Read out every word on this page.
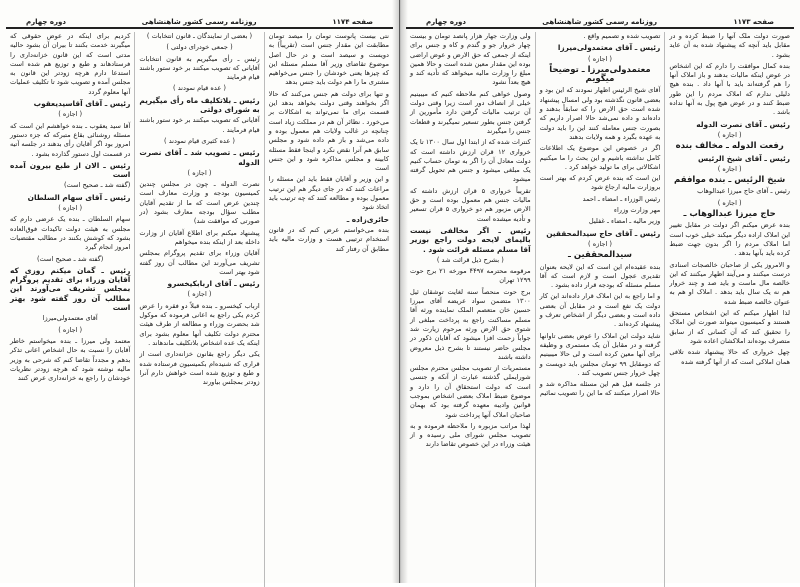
دوره چهارم	روزنامه رسمی کشور شاهنشاهی	صفحه ۱۱۷۴

نتی بیست پانوست تومان را میصد تومان مطابقت این مقدار جنس است (تقریباً) به دویست و سیصد است و در حال اصل موضوع تقاضای وزیر آقا مسلم مسئله این که چیزها یعنی خودشان را جنس می‌خواهیم مشتری ما را هم دولت باید جنس بدهد

و تنها برای دولت هم جنس می‌کنند که حالا اگر بخواهند وقتی دولت بخواهد بدهد این قسمت برای ما نمی‌تواند به اشکالات بر می‌خورد . نظائر آن هم در مملکت زیاد است چنانچه در غالب ولایات هم معمول بوده و داده می‌شد و باز هم داده شود و مجلس سابق هم آنرا نقض نکرد و اینجا فقط مسئله کابینه و مجلس مذاکره شود و این جنس است

و این وزیر و آقایان فقط باید این مسئله را مراعات کنند که در جای دیگر هم این ترتیب معمول بوده و مطالعه کنند که چه ترتیب باید اتخاذ شود

حائری‌زاده ـ

بنده می‌خواستم عرض کنم که در قانون استخدام ترتیبی هست و وزارت مالیه باید مطابق آن رفتار کند

( بعضی از نمایندگان ـ قانون انتخابات )

( جمعی خودرای دولتی )

رئیس ـ رأی میگیریم به قانون انتخابات آقایانی که تصویب میکنند بر خود ستور باشند قیام فرمایند

( عده قیام نمودند )

رئیس ـ بلاتکلیف ماه رأی میگیریم به شورای دولتی

آقایانی که تصویب میکنند بر خود ستور باشند قیام فرمایند .

( عده کثیری قیام نمودند )

رئیس ـ تصویب شد ـ آقای نصرت الدوله

( اجازه )

نصرت الدوله ـ چون در مجلس چندین کمیسیون بودجه و وزارت معارف است چندین عرض است که ما از تقدیم آقایان مطلب سؤال بودجه معارف بشود (در صورتی که موافقت شد)

پیشنهاد میکنم برای اطلاع آقایان از وزارت داخله بعد از اینکه بنده میخواهم

آقایان وزراء برای تقدیم پروگرام بمجلس تشریف می‌آورند این مطالب آن روز گفته شود بهتر است

رئیس ـ آقای اربابکیخسرو

( اجازه )

ارباب کیخسرو ـ بنده قبلاً دو فقره را عرض کردم یکی راجع به اعانی فرموده که موکول شد بحضرت وزراء و مطالعه از طرف هیئت محترم دولت تکلیف آنها معلوم بشود برای اینکه یک عده اشخاص بلاتکلیف ماندهاند .

یکی دیگر راجع بقانون خزانه‌داری است از قراری که شنیده‌ام بکمیسیون فرستاده شده و طبع و توزیع شده است خواهش دارم آنرا زودتر بمجلس بیاورند

کردیم برای اینکه در عوض حقوقی که میگیرند خدمت بکنند تا بیران آن بشود حالیه مدتی است که این قانون خزانه‌داری را فرستادهاند و طبع و توزیع هم شده است استدعا دارم هرچه زودتر این قانون به مجلس آمده و تصویب شود تا تکلیف عملیات آنها معلوم گردد

رئیس ـ آقای آقاسیدیعقوب

( اجازه )

آقا سید یعقوب ـ بنده خواهشم این است که مسئله روشنائی بقاع متبرکه که جزء دستور امروز بود اگر آقایان رأی بدهند در جلسه آتیه در قسمت اول دستور گذارده بشود .

رئیس ـ الان از طبع بیرون آمده است

(گفته شد ـ صحیح است)

رئیس ـ آقای سهام السلطان

( اجازه )

سهام السلطان ـ بنده یک عرضی دارم که مجلس به هیئت دولت تاکیدات فوق‌العاده بشود که کوشش بکنند در مطالب مقتضیات امروز انجام گیرد

(گفته شد ـ صحیح است)

رئیس ـ گمان میکنم روزی که آقایان وزراء برای تقدیم پروگرام بمجلس تشریف می‌آورند این مطالب آن روز گفته شود بهتر است

آقای معتمدولی‌میرزا

( اجازه )

معتمد ولی میرزا ـ بنده میخواستم خاطر آقایان را نسبت به حال اشخاص اعانی تذکر بدهم و مجدداً تقاضا کنم که شرحی به وزیر مالیه نوشته شود که هرچه زودتر نظریات خودشان را راجع به خزانه‌داری عرض کنند

دوره چهارم	روزنامه رسمی کشور شاهنشاهی	صفحه ۱۱۷۳

صورت دولت ملک آنها را ضبط کرده و در مقابل باید آنچه که پیشنهاد شده به آن عاید بشود .

بنده کمال موافقت را دارم که این اشخاص در عوض اینکه مالیات بدهند و باز املاک آنها را هم گرفته‌اند باید با آنها داد . بنده هیچ دلیلی ندارم که املاک مردم را این طور ضبط کنند و در عوض هیچ پول به آنها نداده باشد .

رئیس ـ آقای نصرت الدوله

( اجازه )

رفعت الدوله ـ مخالف بنده

رئیس ـ آقای شیخ الرئیس

( اجازه )

شیخ الرئیس ـ بنده موافقم

رئیس ـ آقای حاج میرزا عبدالوهاب

( اجازه )

حاج میرزا عبدالوهاب ـ

بنده عرض میکنم اگر دولت در مقابل تغییر این املاک اراده دیگر میکند خیلی خوب است اما املاک مردم را اگر بدون جهت ضبط کرده باید بآنها بدهد .

و الامروز یکی از صاحبان خالصجات اسنادی درست میکنند و می‌آیند اظهار میکنند که این خالصه مال ماست و باید صد و چند خروار هم نه یک سال باید بدهد . املاک او هم به عنوان خالصه ضبط شده

لذا اظهار میکنم که این اشخاص مستحق هستند و کمیسیون میتواند صورت این املاک را تحقیق کند که آن کسانی که از سابق متصرف بوده‌اند املاکشان اعاده شود

چهل خرواری که حالا پیشنهاد شده تلافی همان املاکی است که از آنها گرفته شده

تصویب شده و تصمیم واقع .

رئیس ـ آقای معتمدولی‌میرزا

( اجازه )

معتمدولی‌میرزا ـ توضیحاً میگویم

آقای شیخ الرئیس اظهار نمودند که این بود و بعضی قانون نگذشته بود ولی امسال پیشنهاد شده است حق الارض را که سابقاً بدهند و داده‌اند و داده نمی‌شد حالا اصرار داریم که بصورت جنس معامله کنند این را باید دولت به عهده بگیرد و همه ولایات بدهند

اگر در خصوص این موضوع یک اطلاعات کامل نداشته باشیم و این بحث را ما میکنیم اشکالاتی برای ما تولید خواهد کرد .

این است که بنده عرض کردم که بهتر است بروزارت مالیه ارجاع شود

رئیس الوزراء ـ امضاء ـ احمد

مهر وزارت وزراء

وزیر مالیه ـ امضاء ـ غفلیل

رئیس ـ آقای حاج سیدالمحققین

( اجازه )

سیدالمحققین ـ

بنده عقیده‌ام این است که این لایحه بعنوان تقدیری عجول است و لازم است که آقا مسلم مسئله که بودجه قرار داده بشود .

و اما راجع به این املاک قرار داده‌اند این کار دولت یک نفع است و در مقابل آن بعضی داده است و بعضی دیگر از اشخاص تعرف و پیشنهاد کرده‌اند .

شاید دولت این املاک را عوض بعضی تاوانها گرفته و در مقابل آن یک مستمری و وظیفه برای آنها معین کرده است و لی حالا میبینیم که دومقابل ۹۹ تومان مجلس باید دویست و چهل خروار جنس تصویب کند .

در جلسه قبل هم این مسئله مذاکره شد و حالا اصرار میکنند که ما این را تصویب نمائیم

ولی وزارت جهار هزار پانصد تومان و بیست چهار خروار جو و گندم و کاه و جنس برای اینکه از جمعی که حق الارض و عوض اراضی بوده این مقدار معین شده است و حالا همین مبلغ را وزارت مالیه میخواهد که تأدیه کند و هیچ بعداً نشود

وصول خواهی کنم ملاحظه کنیم که میبینیم خیلی از انصاف دور است زیرا وقتی دولت آن ترتیب مالیات گرفتن دارد مأمورین از گرفتن جنس بطور تسعیر نمیگیرند و قطعات جنس را میگیرند

کنترات شده که از ابتدا اول سال ۱۳۰۰ تا یک خرواری ۱۲ قران ارزش داشته است که دولت معادل آن را اگر به تومان حساب کنیم یک مبلغی میشود و جنس هم تحویل گرفته میشود

تقریباً خرواری ۵ قران ارزش داشته که مالیات جنس هم معمول بوده است و حق الارض مزبور هم دو خرواری ۵ قران تسعیر و تأدیه میشده است

رئیس ـ اگر مخالفی نیست بالیمای لایحه دولت راجع بوزیر آقا مسلم مسئله قرائت شود .

( بشرح ذیل قرائت شد )

مرقومه محترمه ۴۴۹۷ مورخه ۲۱ برج حوت ۱۲۹۹ تهران

برج حوت منحصاً سنه لغایت توشقان ئیل ۱۳۰۰ متضمن سواد عریضه آقای میرزا حسین خان متعصم الملک نماینده ورثه آقا مسلم مساکنت راجع به پرداخت مبلغی از شتوی حق الارض ورثه مرحوم زیارت شد جواباً زحمت افزا میشود که آقایان ذکور در مجلس حاضر نیستند تا بشرح ذیل معروض داشته باشند

مستمریات از تصویب مجلس محترم مجلس شورایملی گذشته عبارت از آنکه و جنسی است که دولت استحقاق آن را دارد و موضوع ضبط املاک بعضی اشخاص بموجب قوانین وادیبه معهده گرفته بود که بهمان صاحبان املاک آنها پرداخت شود

لهذا مراتب مزبوره را ملاحظه فرموده و به تصویب مجلس شورای ملی رسیده و از هیئت وزراء در این خصوص تقاضا دارند
